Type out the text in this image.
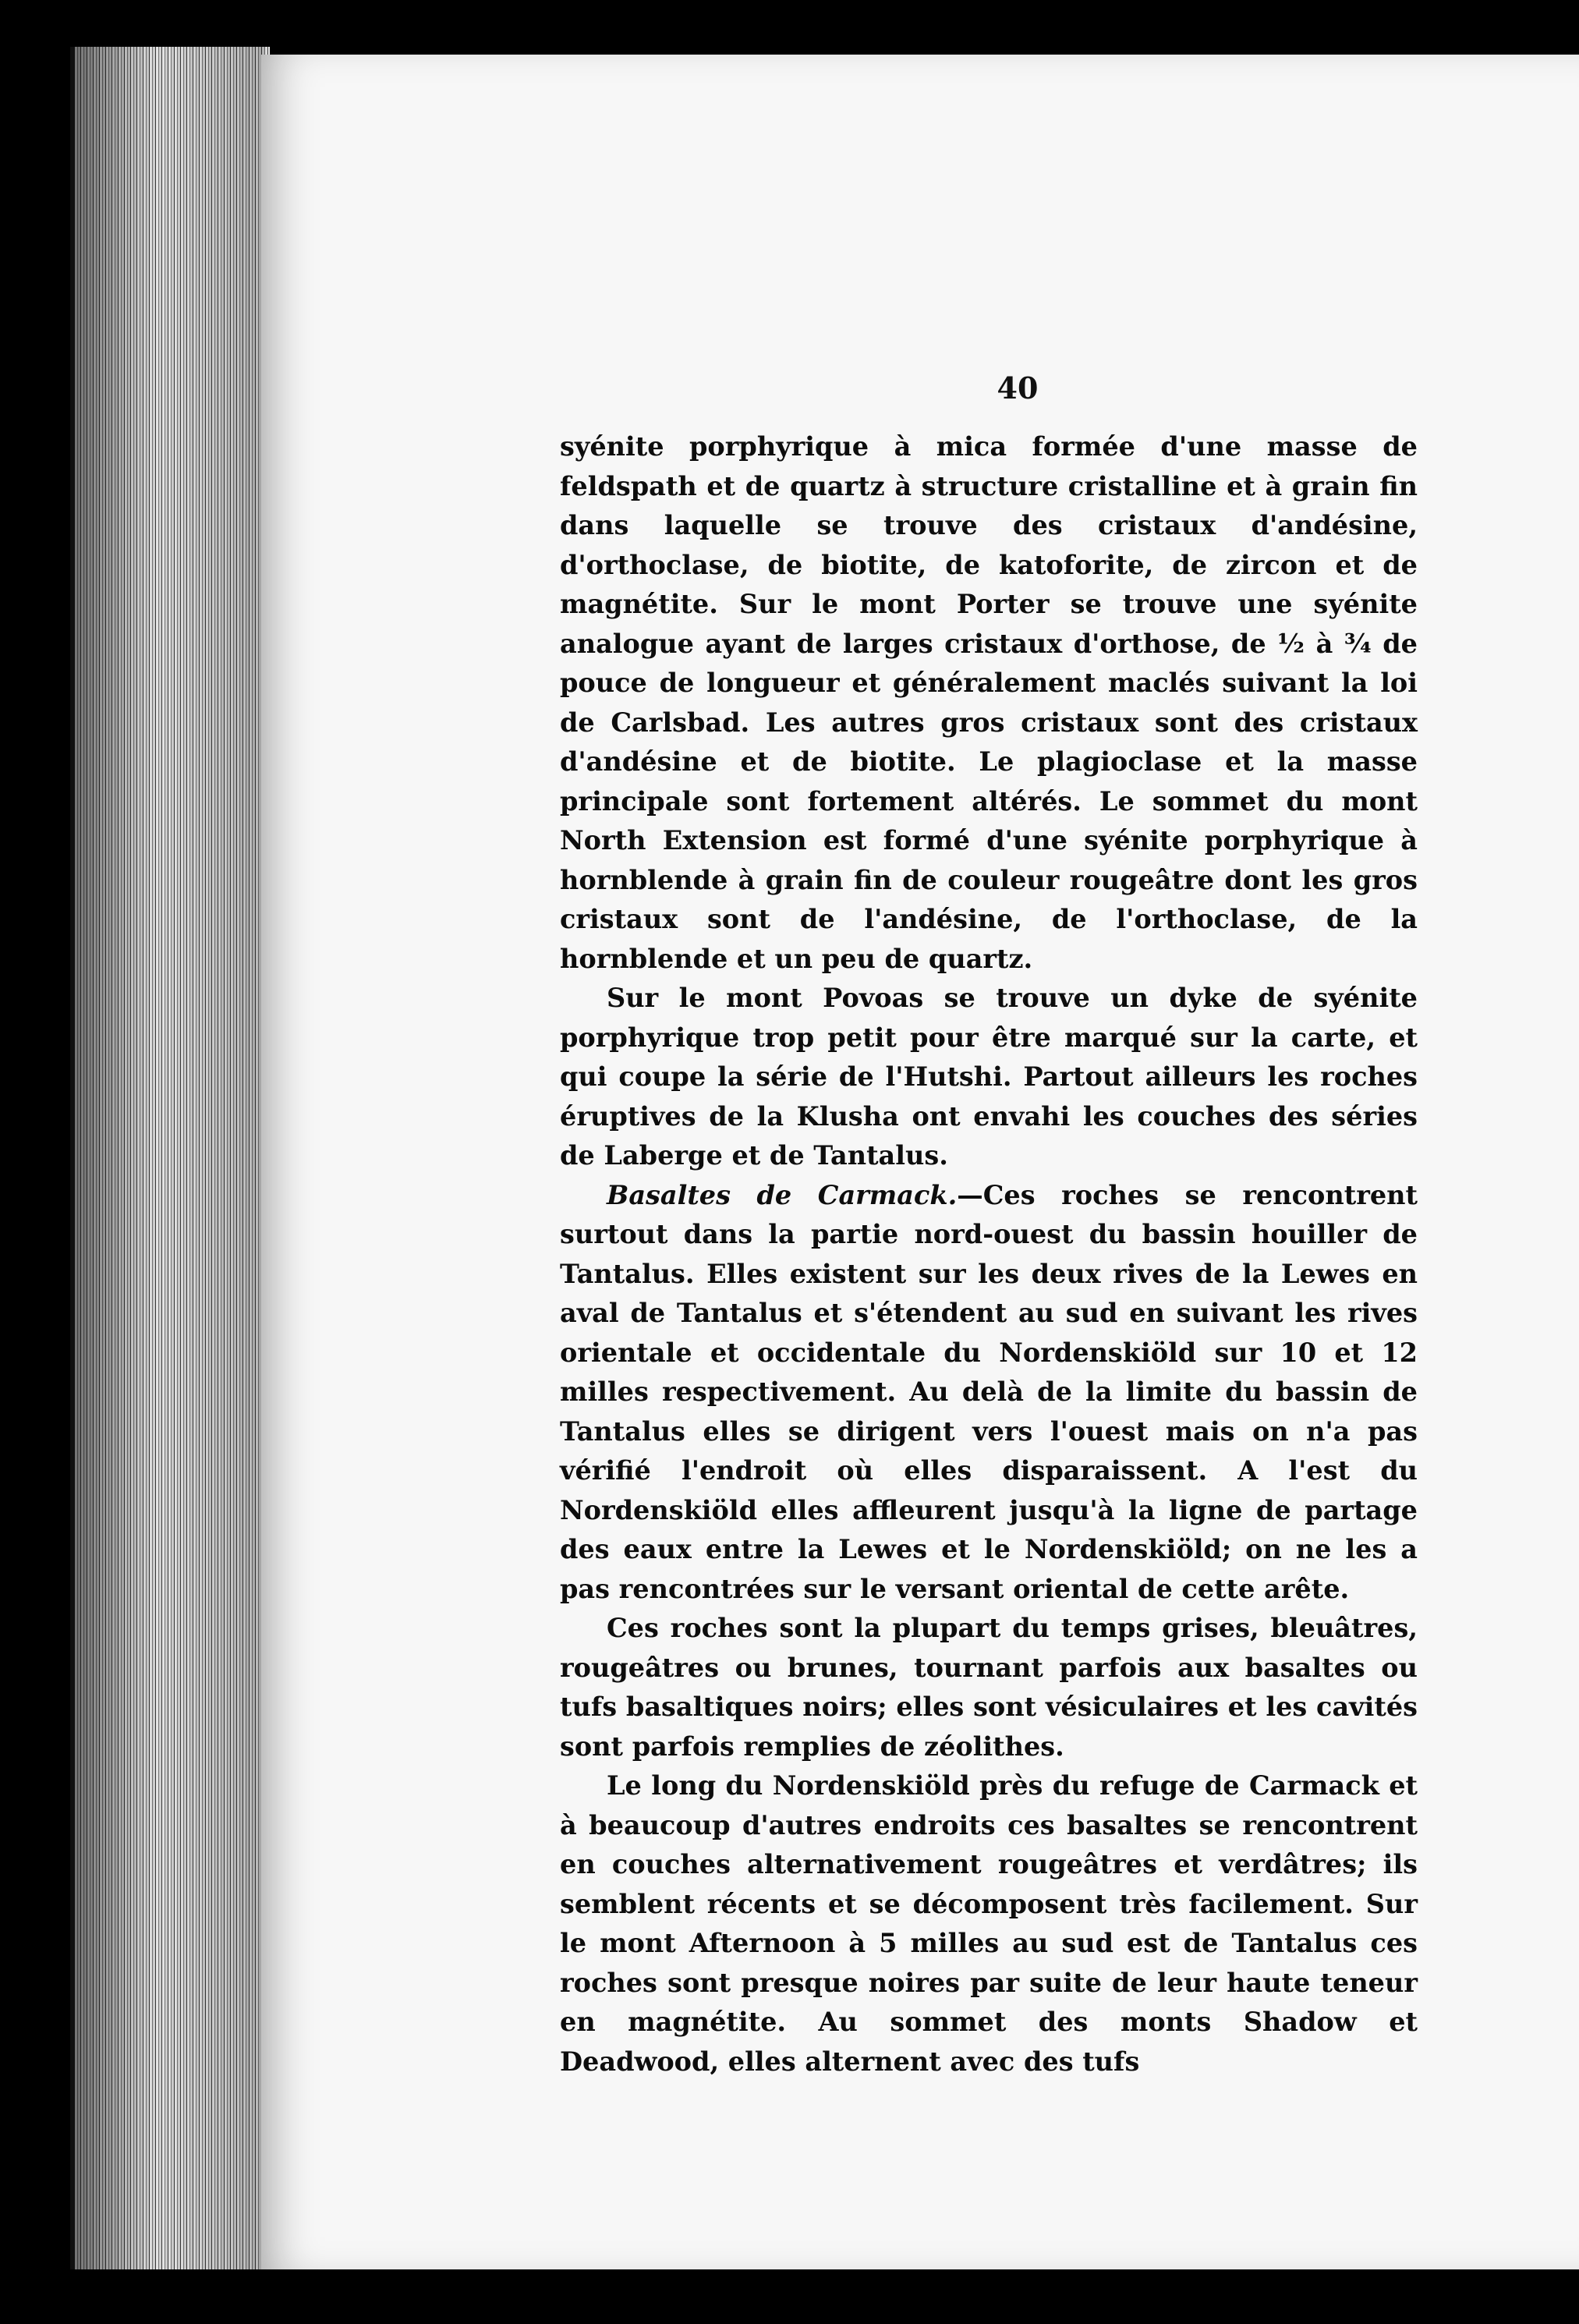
40

syénite porphyrique à mica formée d'une masse de feldspath et de quartz à structure cristalline et à grain fin dans laquelle se trouve des cristaux d'andésine, d'orthoclase, de biotite, de katoforite, de zircon et de magnétite. Sur le mont Porter se trouve une syénite analogue ayant de larges cristaux d'orthose, de ½ à ¾ de pouce de longueur et généralement maclés suivant la loi de Carlsbad. Les autres gros cristaux sont des cristaux d'andésine et de biotite. Le plagioclase et la masse principale sont fortement altérés. Le sommet du mont North Extension est formé d'une syénite porphyrique à hornblende à grain fin de couleur rougeâtre dont les gros cristaux sont de l'andésine, de l'orthoclase, de la hornblende et un peu de quartz.

Sur le mont Povoas se trouve un dyke de syénite porphyrique trop petit pour être marqué sur la carte, et qui coupe la série de l'Hutshi. Partout ailleurs les roches éruptives de la Klusha ont envahi les couches des séries de Laberge et de Tantalus.

Basaltes de Carmack.—Ces roches se rencontrent surtout dans la partie nord-ouest du bassin houiller de Tantalus. Elles existent sur les deux rives de la Lewes en aval de Tantalus et s'étendent au sud en suivant les rives orientale et occidentale du Nordenskiöld sur 10 et 12 milles respectivement. Au delà de la limite du bassin de Tantalus elles se dirigent vers l'ouest mais on n'a pas vérifié l'endroit où elles disparaissent. A l'est du Nordenskiöld elles affleurent jusqu'à la ligne de partage des eaux entre la Lewes et le Nordenskiöld; on ne les a pas rencontrées sur le versant oriental de cette arête.

Ces roches sont la plupart du temps grises, bleuâtres, rougeâtres ou brunes, tournant parfois aux basaltes ou tufs basaltiques noirs; elles sont vésiculaires et les cavités sont parfois remplies de zéolithes.

Le long du Nordenskiöld près du refuge de Carmack et à beaucoup d'autres endroits ces basaltes se rencontrent en couches alternativement rougeâtres et verdâtres; ils semblent récents et se décomposent très facilement. Sur le mont Afternoon à 5 milles au sud est de Tantalus ces roches sont presque noires par suite de leur haute teneur en magnétite. Au sommet des monts Shadow et Deadwood, elles alternent avec des tufs
